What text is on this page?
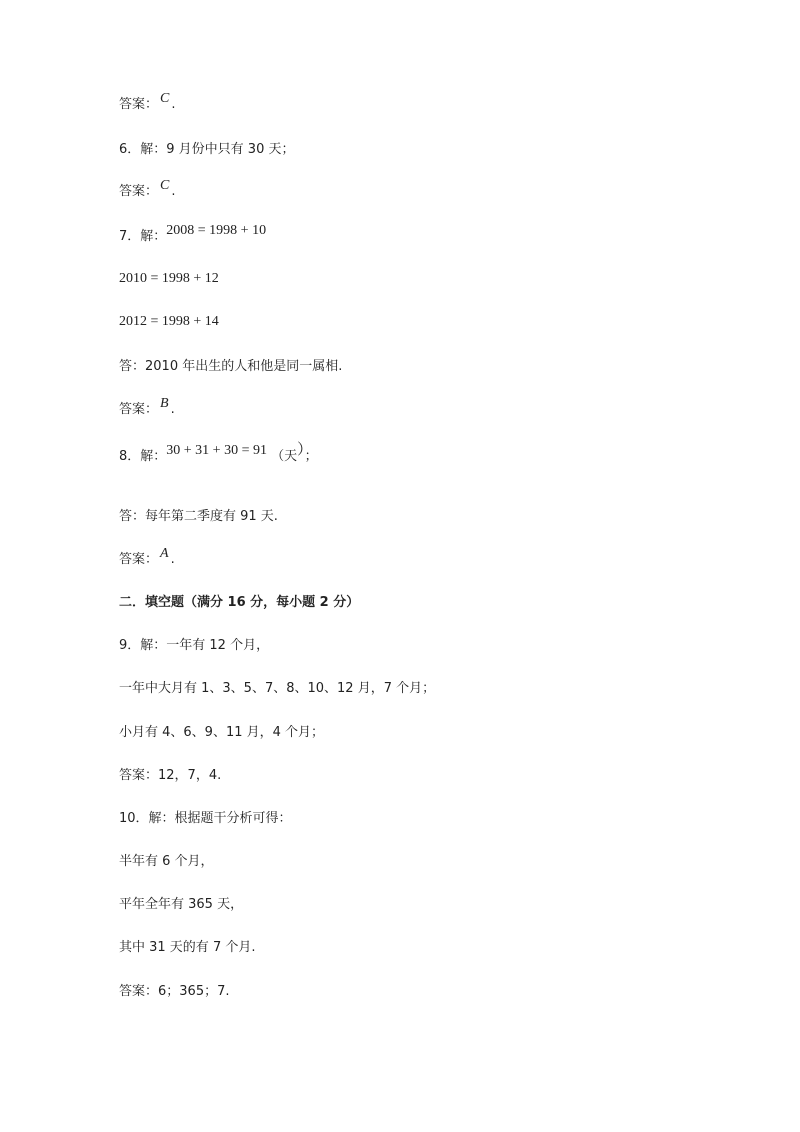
答案： C .
6．解：9 月份中只有 30 天；
答案： C .
7．解：2008 = 1998 + 10
2010 = 1998 + 12
2012 = 1998 + 14
答：2010 年出生的人和他是同一属相.
答案： B .
8．解：30 + 31 + 30 = 91 （天）；
答：每年第二季度有 91 天.
答案： A .
二．填空题（满分 16 分，每小题 2 分）
9．解：一年有 12 个月，
一年中大月有 1、3、5、7、8、10、12 月，7 个月；
小月有 4、6、9、11 月，4 个月；
答案：12，7，4.
10．解：根据题干分析可得：
半年有 6 个月，
平年全年有 365 天，
其中 31 天的有 7 个月.
答案：6；365；7.
